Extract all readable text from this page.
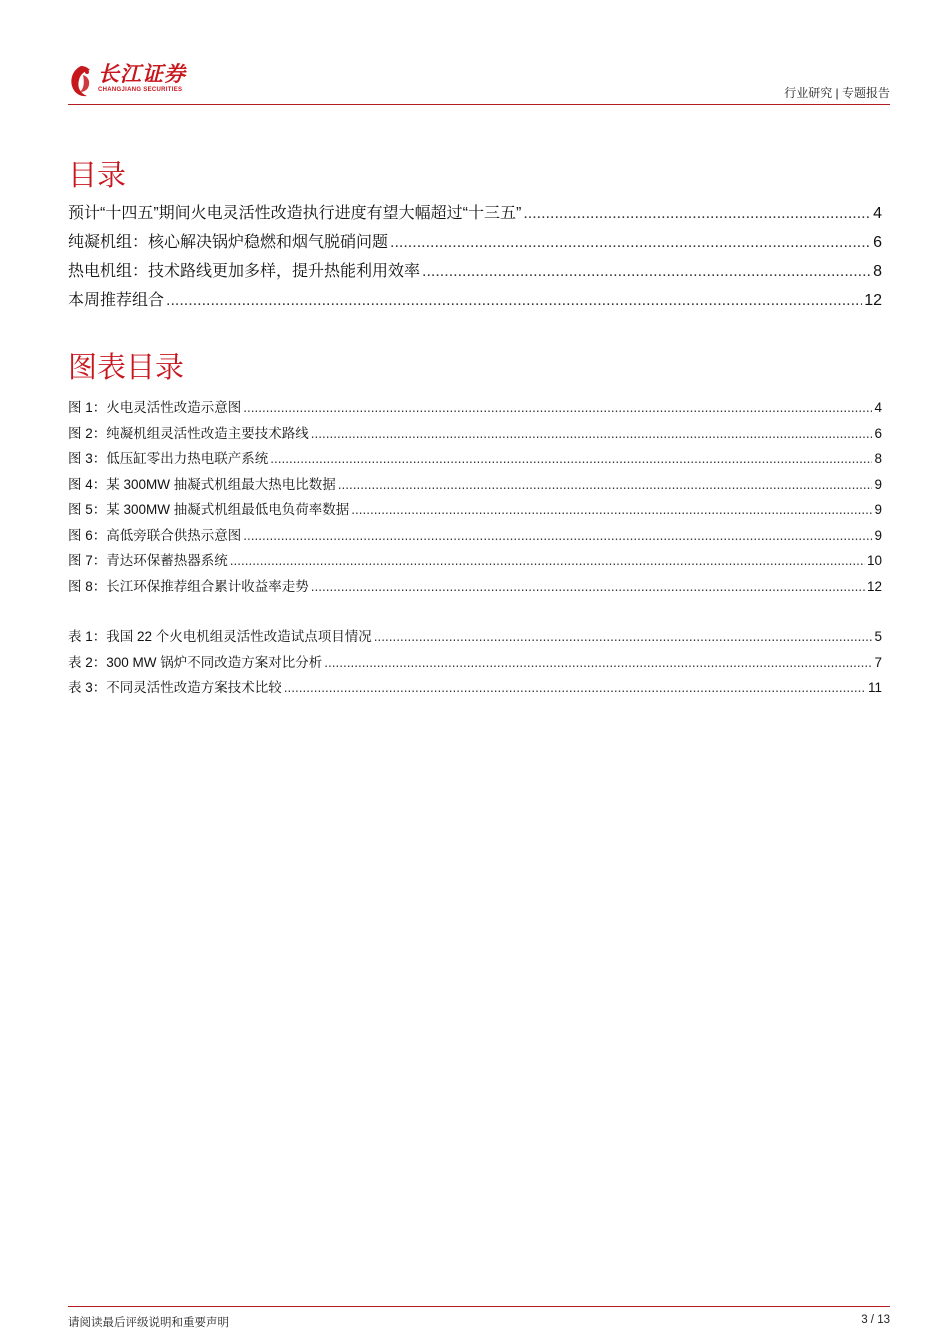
长江证券
CHANGJIANG SECURITIES	行业研究 | 专题报告
目录
预计“十四五”期间火电灵活性改造执行进度有望大幅超过“十三五” .....	4
纯凝机组：核心解决锅炉稳燃和烟气脱硝问题 .....	6
热电机组：技术路线更加多样，提升热能利用效率 .....	8
本周推荐组合 .....	12
图表目录
图 1：火电灵活性改造示意图 .....	4
图 2：纯凝机组灵活性改造主要技术路线 .....	6
图 3：低压缸零出力热电联产系统 .....	8
图 4：某 300MW 抽凝式机组最大热电比数据 .....	9
图 5：某 300MW 抽凝式机组最低电负荷率数据 .....	9
图 6：高低旁联合供热示意图 .....	9
图 7：青达环保蓄热器系统 .....	10
图 8：长江环保推荐组合累计收益率走势 .....	12
表 1：我国 22 个火电机组灵活性改造试点项目情况 .....	5
表 2：300 MW 锅炉不同改造方案对比分析 .....	7
表 3：不同灵活性改造方案技术比较 .....	11
请阅读最后评级说明和重要声明	3 / 13
